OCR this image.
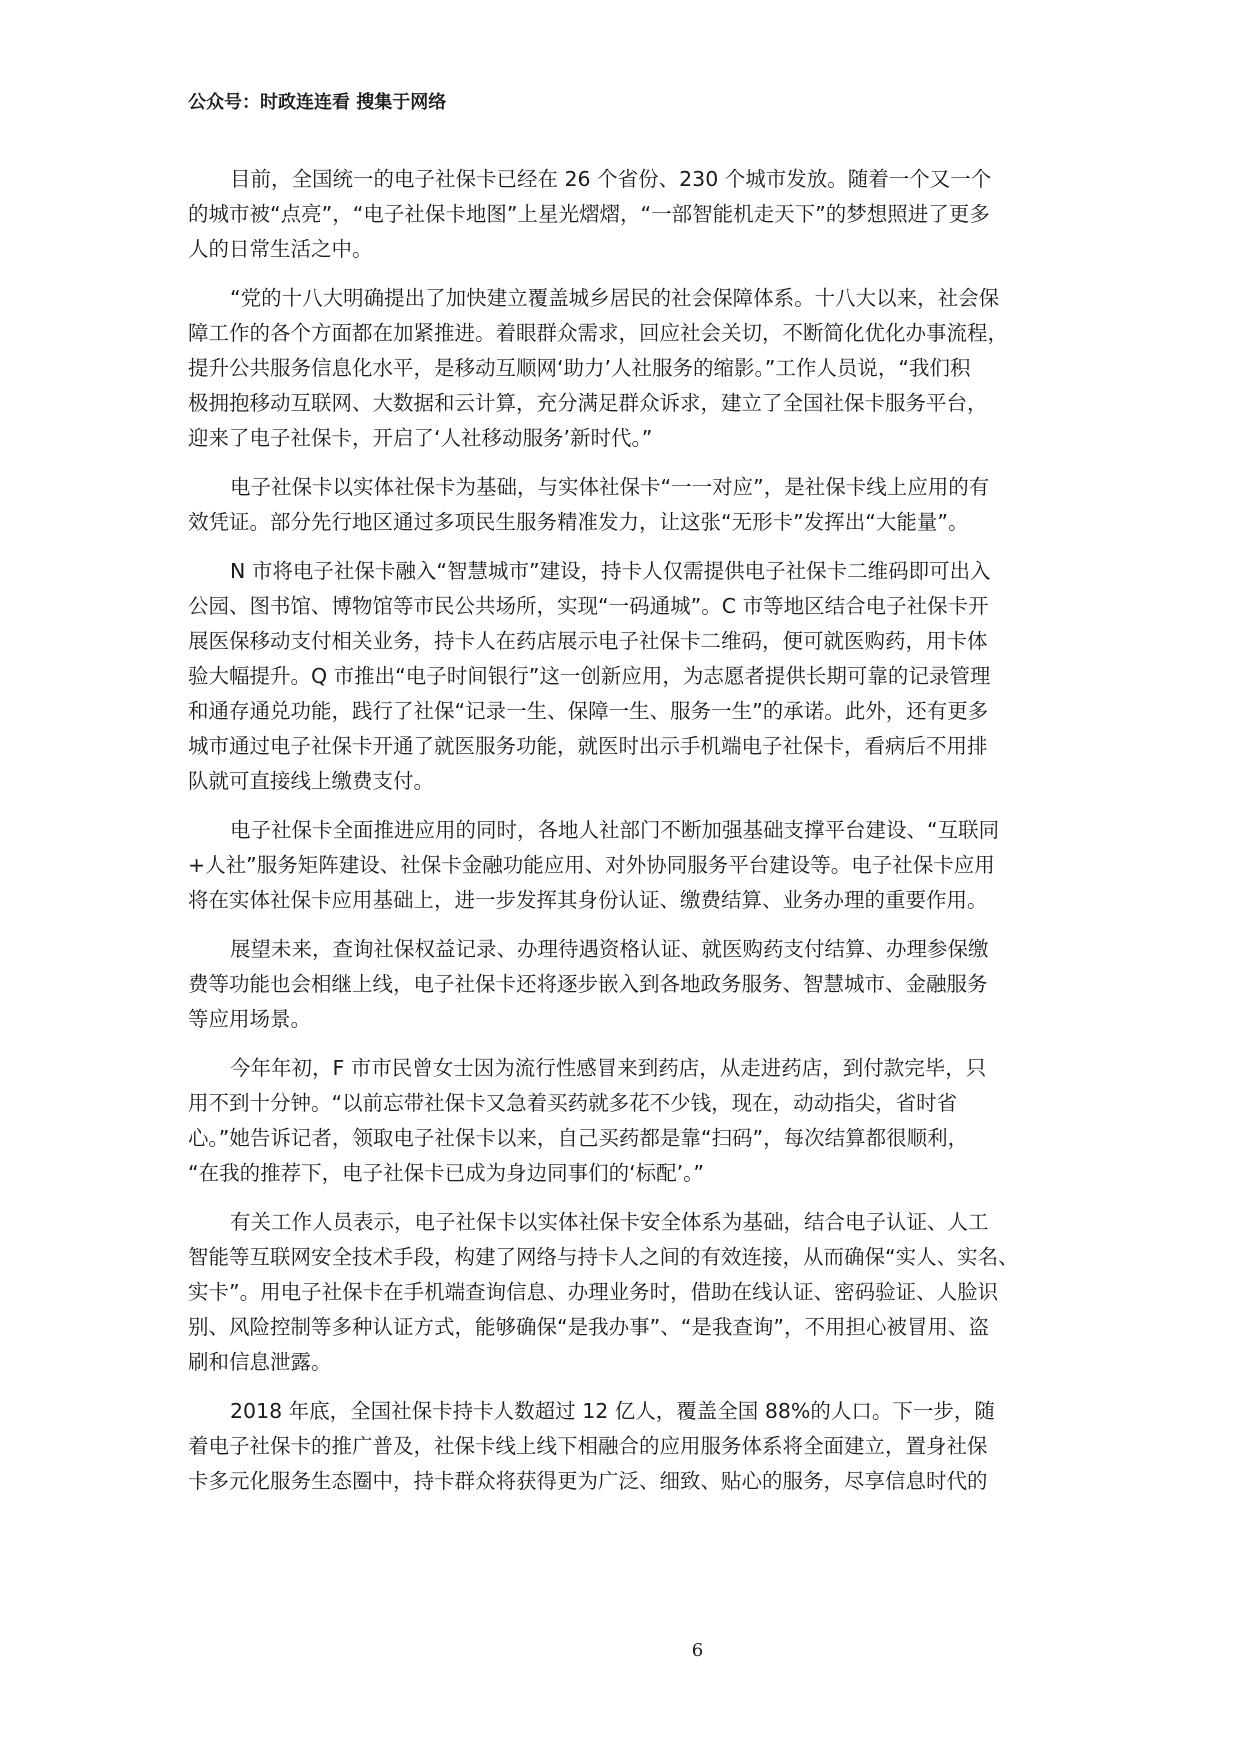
公众号：时政连连看 搜集于网络
目前，全国统一的电子社保卡已经在 26 个省份、230 个城市发放。随着一个又一个
的城市被“点亮”，“电子社保卡地图”上星光熠熠，“一部智能机走天下”的梦想照进了更多
人的日常生活之中。
“党的十八大明确提出了加快建立覆盖城乡居民的社会保障体系。十八大以来，社会保
障工作的各个方面都在加紧推进。着眼群众需求，回应社会关切，不断简化优化办事流程，
提升公共服务信息化水平，是移动互顺网‘助力’人社服务的缩影。”工作人员说，“我们积
极拥抱移动互联网、大数据和云计算，充分满足群众诉求，建立了全国社保卡服务平台，
迎来了电子社保卡，开启了‘人社移动服务’新时代。”
电子社保卡以实体社保卡为基础，与实体社保卡“一一对应”，是社保卡线上应用的有
效凭证。部分先行地区通过多项民生服务精准发力，让这张“无形卡”发挥出“大能量”。
N 市将电子社保卡融入“智慧城市”建设，持卡人仅需提供电子社保卡二维码即可出入
公园、图书馆、博物馆等市民公共场所，实现“一码通城”。C 市等地区结合电子社保卡开
展医保移动支付相关业务，持卡人在药店展示电子社保卡二维码，便可就医购药，用卡体
验大幅提升。Q 市推出“电子时间银行”这一创新应用，为志愿者提供长期可靠的记录管理
和通存通兑功能，践行了社保“记录一生、保障一生、服务一生”的承诺。此外，还有更多
城市通过电子社保卡开通了就医服务功能，就医时出示手机端电子社保卡，看病后不用排
队就可直接线上缴费支付。
电子社保卡全面推进应用的同时，各地人社部门不断加强基础支撑平台建设、“互联同
+人社”服务矩阵建设、社保卡金融功能应用、对外协同服务平台建设等。电子社保卡应用
将在实体社保卡应用基础上，进一步发挥其身份认证、缴费结算、业务办理的重要作用。
展望未来，查询社保权益记录、办理待遇资格认证、就医购药支付结算、办理参保缴
费等功能也会相继上线，电子社保卡还将逐步嵌入到各地政务服务、智慧城市、金融服务
等应用场景。
今年年初，F 市市民曾女士因为流行性感冒来到药店，从走进药店，到付款完毕，只
用不到十分钟。“以前忘带社保卡又急着买药就多花不少钱，现在，动动指尖，省时省
心。”她告诉记者，领取电子社保卡以来，自己买药都是靠“扫码”，每次结算都很顺利，
“在我的推荐下，电子社保卡已成为身边同事们的‘标配’。”
有关工作人员表示，电子社保卡以实体社保卡安全体系为基础，结合电子认证、人工
智能等互联网安全技术手段，构建了网络与持卡人之间的有效连接，从而确保“实人、实名、
实卡”。用电子社保卡在手机端查询信息、办理业务时，借助在线认证、密码验证、人脸识
别、风险控制等多种认证方式，能够确保“是我办事”、“是我查询”，不用担心被冒用、盗
刷和信息泄露。
2018 年底，全国社保卡持卡人数超过 12 亿人，覆盖全国 88%的人口。下一步，随
着电子社保卡的推广普及，社保卡线上线下相融合的应用服务体系将全面建立，置身社保
卡多元化服务生态圈中，持卡群众将获得更为广泛、细致、贴心的服务，尽享信息时代的
6
